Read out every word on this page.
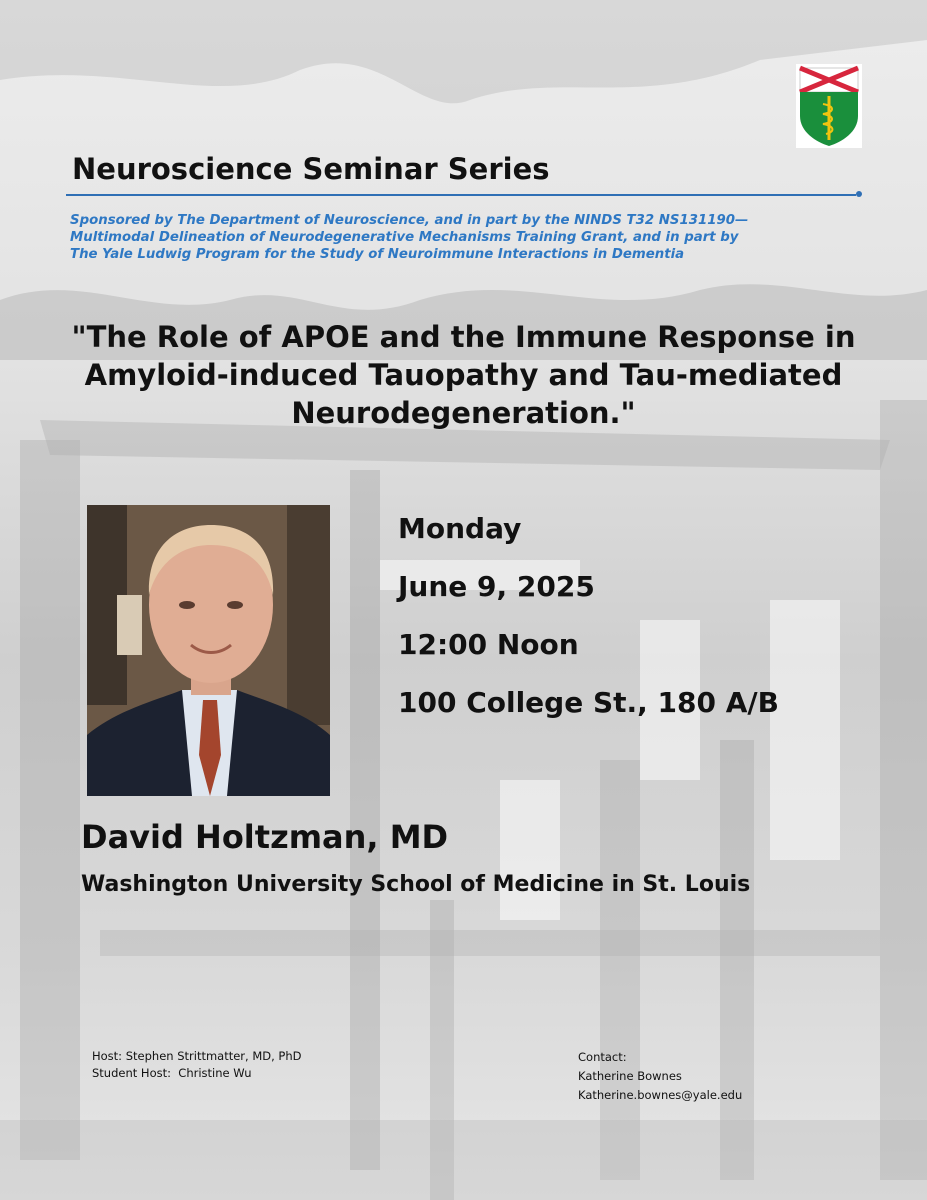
Neuroscience Seminar Series
Sponsored by The Department of Neuroscience, and in part by the NINDS T32 NS131190—
Multimodal Delineation of Neurodegenerative Mechanisms Training Grant, and in part by
The Yale Ludwig Program for the Study of Neuroimmune Interactions in Dementia
"The Role of APOE and the Immune Response in
Amyloid-induced Tauopathy and Tau-mediated
Neurodegeneration."
Monday
June 9, 2025
12:00 Noon
100 College St., 180 A/B
David Holtzman, MD
Washington University School of Medicine in St. Louis
Host: Stephen Strittmatter, MD, PhD
Student Host: Christine Wu
Contact:
Katherine Bownes
Katherine.bownes@yale.edu
